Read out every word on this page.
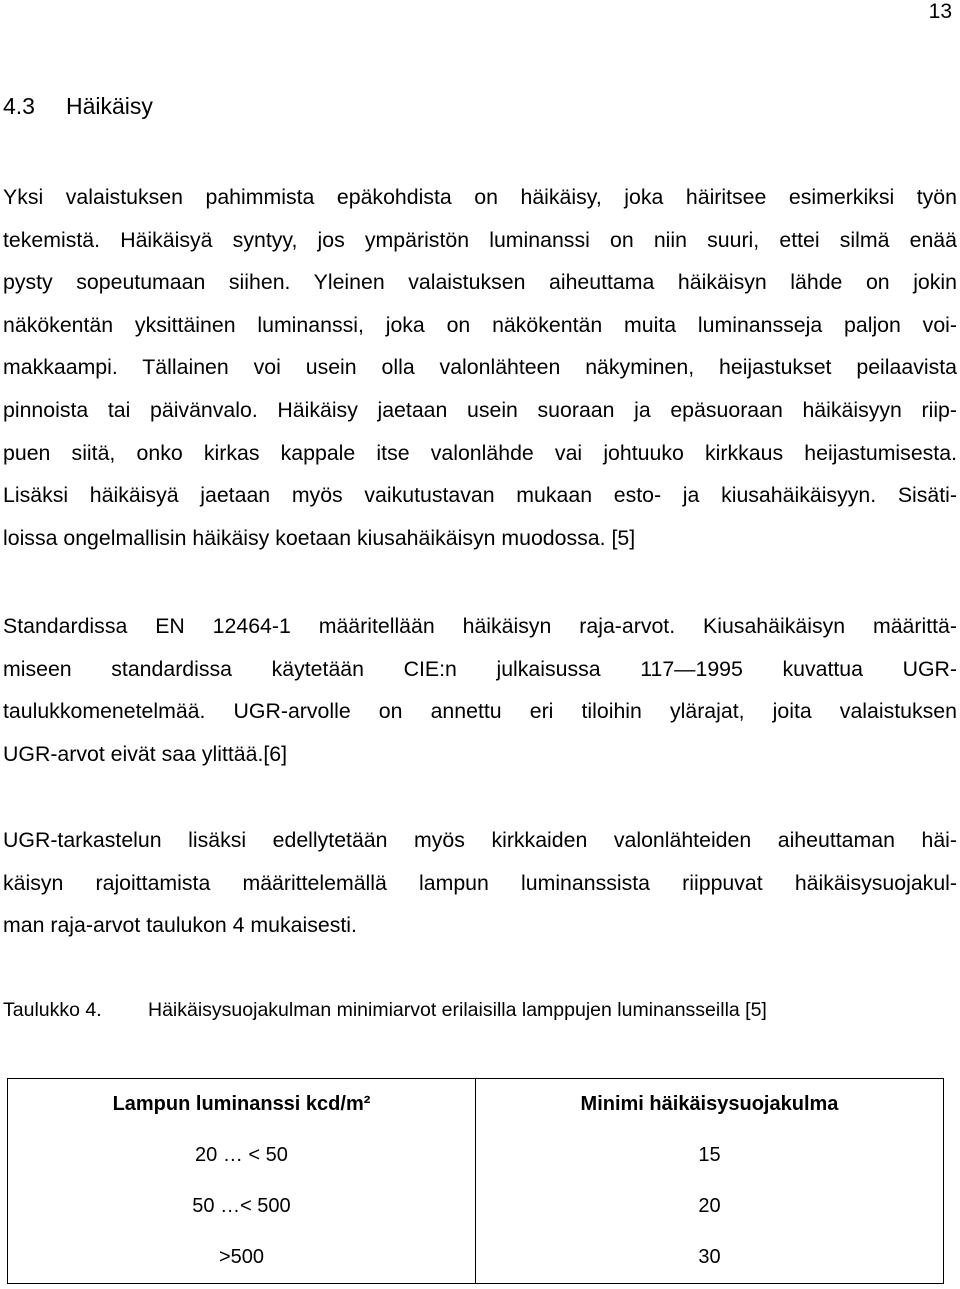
13
4.3 Häikäisy
Yksi valaistuksen pahimmista epäkohdista on häikäisy, joka häiritsee esimerkiksi työn
tekemistä. Häikäisyä syntyy, jos ympäristön luminanssi on niin suuri, ettei silmä enää
pysty sopeutumaan siihen. Yleinen valaistuksen aiheuttama häikäisyn lähde on jokin
näkökentän yksittäinen luminanssi, joka on näkökentän muita luminansseja paljon voi-
makkaampi. Tällainen voi usein olla valonlähteen näkyminen, heijastukset peilaavista
pinnoista tai päivänvalo. Häikäisy jaetaan usein suoraan ja epäsuoraan häikäisyyn riip-
puen siitä, onko kirkas kappale itse valonlähde vai johtuuko kirkkaus heijastumisesta.
Lisäksi häikäisyä jaetaan myös vaikutustavan mukaan esto- ja kiusahäikäisyyn. Sisäti-
loissa ongelmallisin häikäisy koetaan kiusahäikäisyn muodossa. [5]
Standardissa EN 12464-1 määritellään häikäisyn raja-arvot. Kiusahäikäisyn määrittä-
miseen standardissa käytetään CIE:n julkaisussa 117—1995 kuvattua UGR-
taulukkomenetelmää. UGR-arvolle on annettu eri tiloihin ylärajat, joita valaistuksen
UGR-arvot eivät saa ylittää.[6]
UGR-tarkastelun lisäksi edellytetään myös kirkkaiden valonlähteiden aiheuttaman häi-
käisyn rajoittamista määrittelemällä lampun luminanssista riippuvat häikäisysuojakul-
man raja-arvot taulukon 4 mukaisesti.
Taulukko 4. Häikäisysuojakulman minimiarvot erilaisilla lamppujen luminansseilla [5]
Lampun luminanssi kcd/m²	Minimi häikäisysuojakulma
20 … < 50	15
50 …< 500	20
>500	30
